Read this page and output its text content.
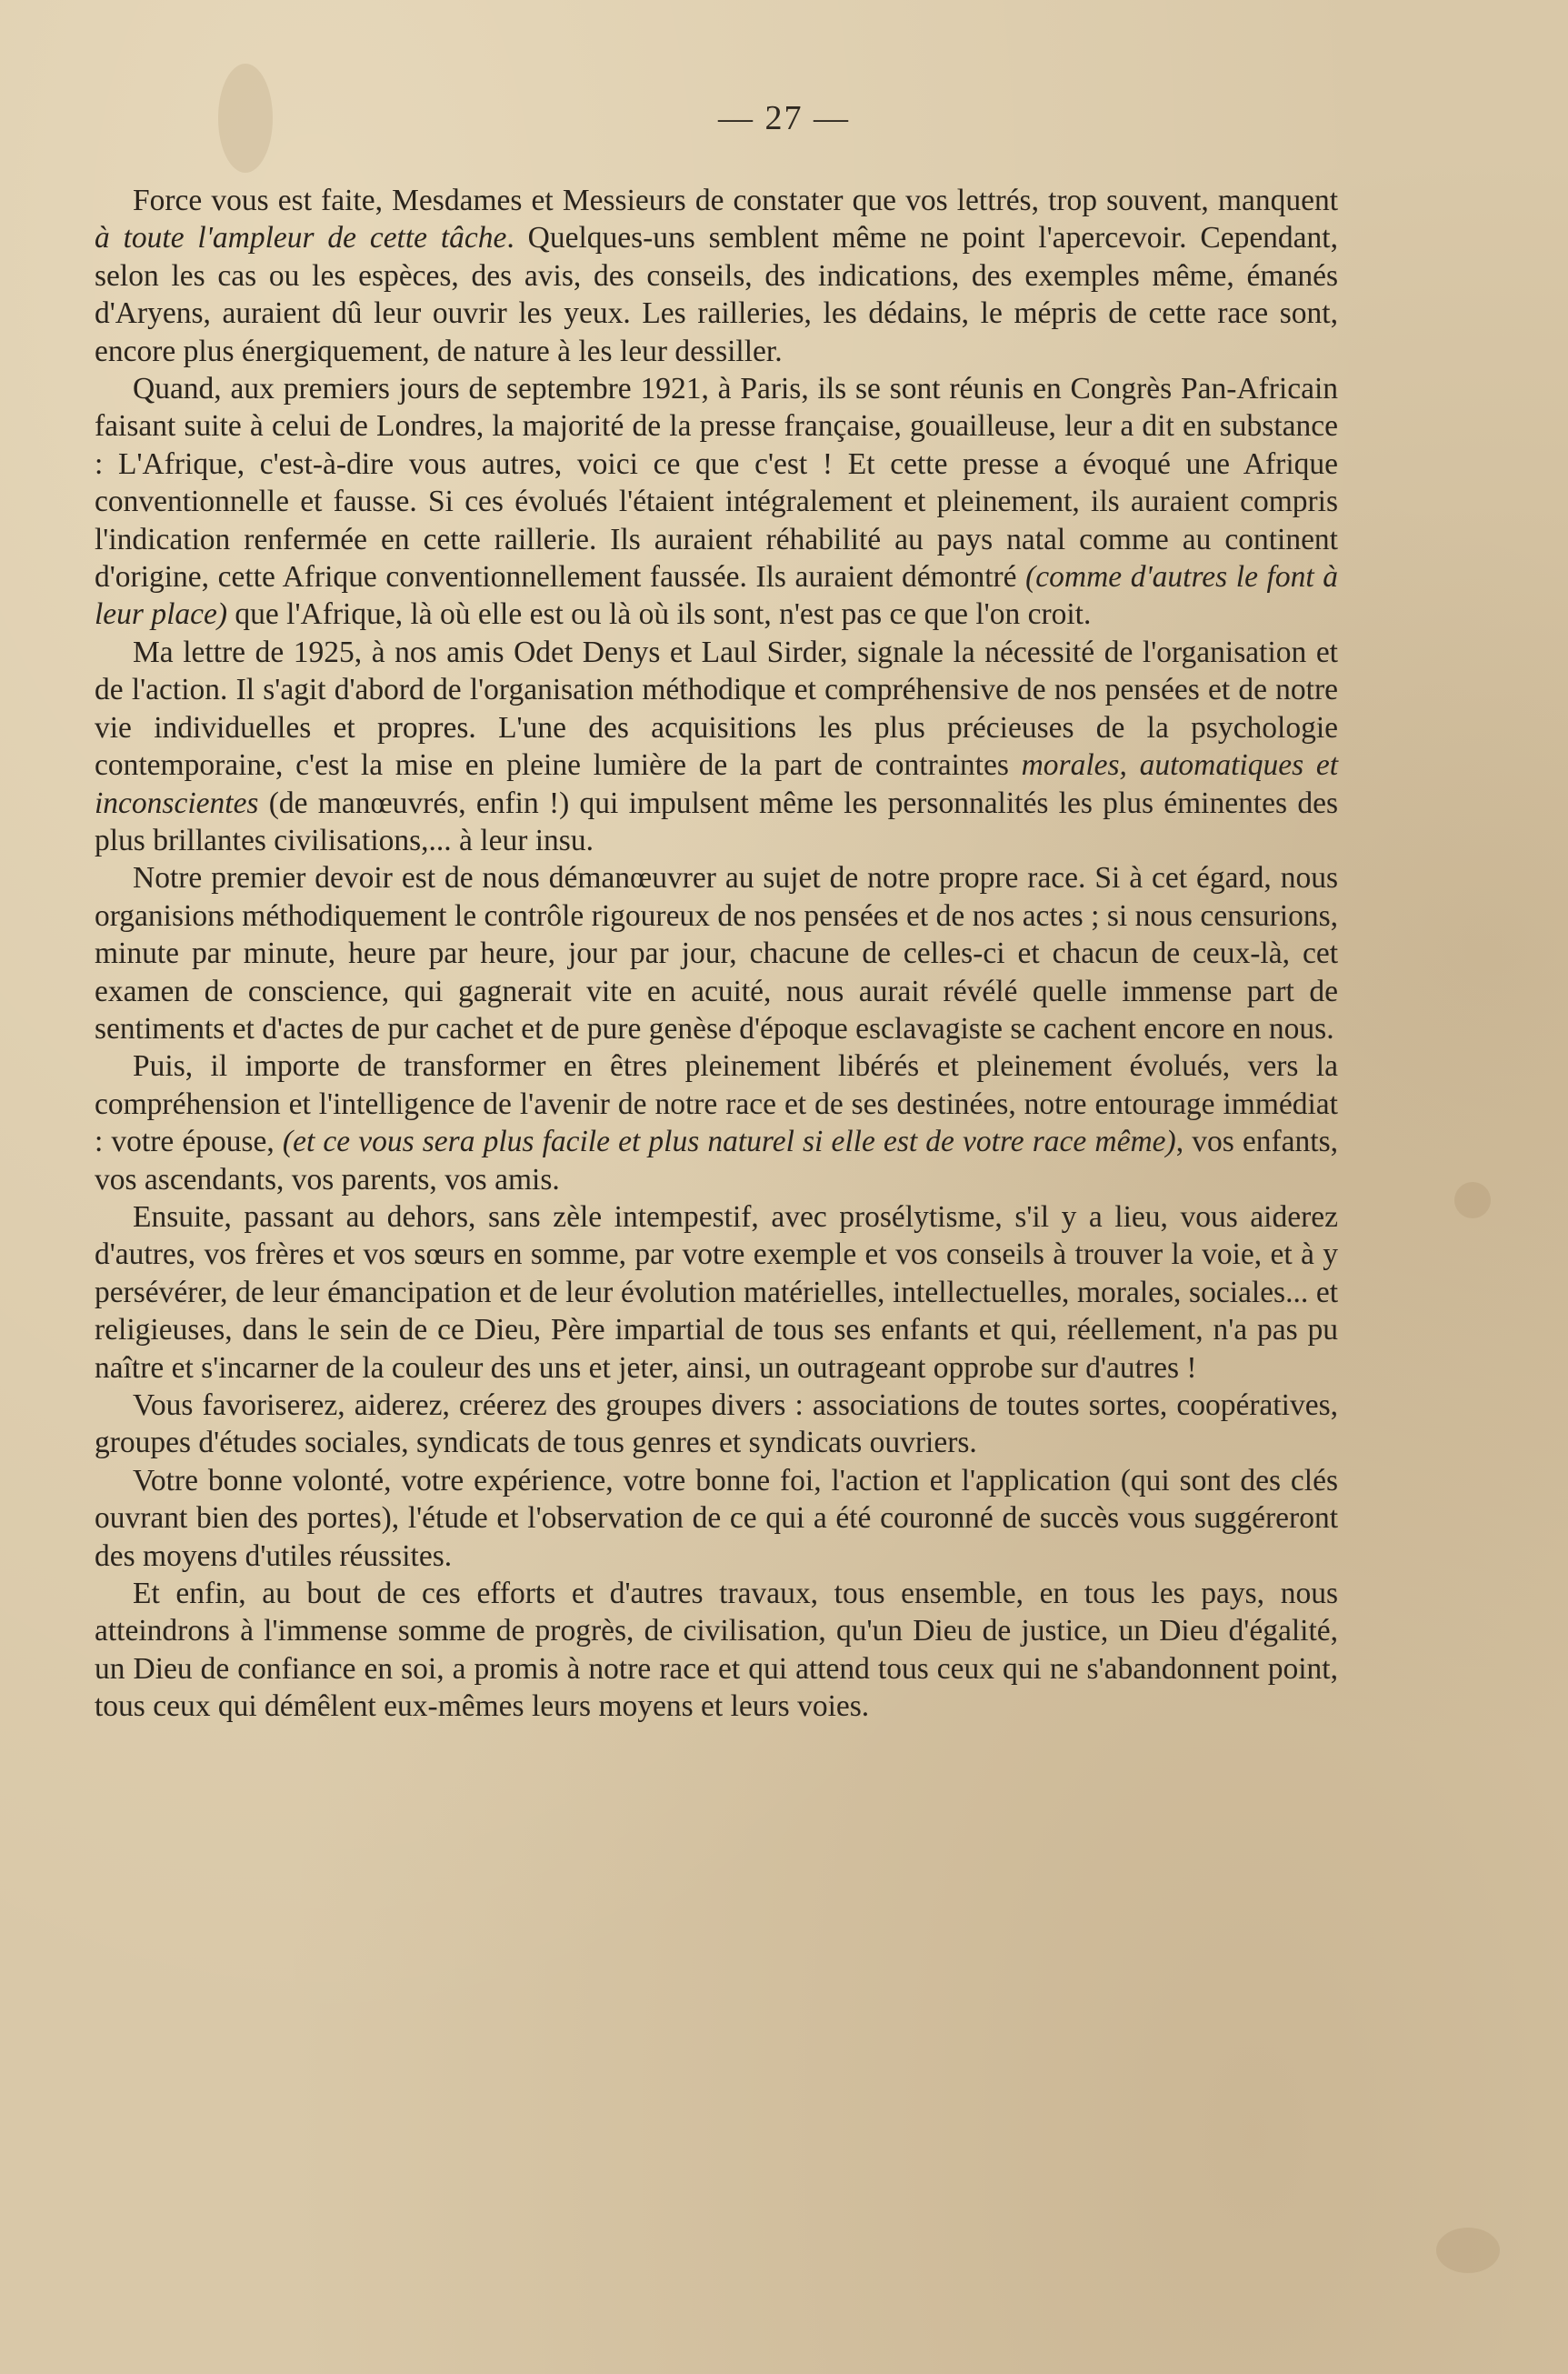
— 27 —

Force vous est faite, Mesdames et Messieurs de constater que vos lettrés, trop souvent, manquent à toute l'ampleur de cette tâche. Quelques-uns semblent même ne point l'apercevoir. Cependant, selon les cas ou les espèces, des avis, des conseils, des indications, des exemples même, émanés d'Aryens, auraient dû leur ouvrir les yeux. Les railleries, les dédains, le mépris de cette race sont, encore plus énergiquement, de nature à les leur dessiller.

Quand, aux premiers jours de septembre 1921, à Paris, ils se sont réunis en Congrès Pan-Africain faisant suite à celui de Londres, la majorité de la presse française, gouailleuse, leur a dit en substance : L'Afrique, c'est-à-dire vous autres, voici ce que c'est ! Et cette presse a évoqué une Afrique conventionnelle et fausse. Si ces évolués l'étaient intégralement et pleinement, ils auraient compris l'indication renfermée en cette raillerie. Ils auraient réhabilité au pays natal comme au continent d'origine, cette Afrique conventionnellement faussée. Ils auraient démontré (comme d'autres le font à leur place) que l'Afrique, là où elle est ou là où ils sont, n'est pas ce que l'on croit.

Ma lettre de 1925, à nos amis Odet Denys et Laul Sirder, signale la nécessité de l'organisation et de l'action. Il s'agit d'abord de l'organisation méthodique et compréhensive de nos pensées et de notre vie individuelles et propres. L'une des acquisitions les plus précieuses de la psychologie contemporaine, c'est la mise en pleine lumière de la part de contraintes morales, automatiques et inconscientes (de manœuvrés, enfin !) qui impulsent même les personnalités les plus éminentes des plus brillantes civilisations,... à leur insu.

Notre premier devoir est de nous démanœuvrer au sujet de notre propre race. Si à cet égard, nous organisions méthodiquement le contrôle rigoureux de nos pensées et de nos actes ; si nous censurions, minute par minute, heure par heure, jour par jour, chacune de celles-ci et chacun de ceux-là, cet examen de conscience, qui gagnerait vite en acuité, nous aurait révélé quelle immense part de sentiments et d'actes de pur cachet et de pure genèse d'époque esclavagiste se cachent encore en nous.

Puis, il importe de transformer en êtres pleinement libérés et pleinement évolués, vers la compréhension et l'intelligence de l'avenir de notre race et de ses destinées, notre entourage immédiat : votre épouse, (et ce vous sera plus facile et plus naturel si elle est de votre race même), vos enfants, vos ascendants, vos parents, vos amis.

Ensuite, passant au dehors, sans zèle intempestif, avec prosélytisme, s'il y a lieu, vous aiderez d'autres, vos frères et vos sœurs en somme, par votre exemple et vos conseils à trouver la voie, et à y persévérer, de leur émancipation et de leur évolution matérielles, intellectuelles, morales, sociales... et religieuses, dans le sein de ce Dieu, Père impartial de tous ses enfants et qui, réellement, n'a pas pu naître et s'incarner de la couleur des uns et jeter, ainsi, un outrageant opprobe sur d'autres !

Vous favoriserez, aiderez, créerez des groupes divers : associations de toutes sortes, coopératives, groupes d'études sociales, syndicats de tous genres et syndicats ouvriers.

Votre bonne volonté, votre expérience, votre bonne foi, l'action et l'application (qui sont des clés ouvrant bien des portes), l'étude et l'observation de ce qui a été couronné de succès vous suggéreront des moyens d'utiles réussites.

Et enfin, au bout de ces efforts et d'autres travaux, tous ensemble, en tous les pays, nous atteindrons à l'immense somme de progrès, de civilisation, qu'un Dieu de justice, un Dieu d'égalité, un Dieu de confiance en soi, a promis à notre race et qui attend tous ceux qui ne s'abandonnent point, tous ceux qui démêlent eux-mêmes leurs moyens et leurs voies.
